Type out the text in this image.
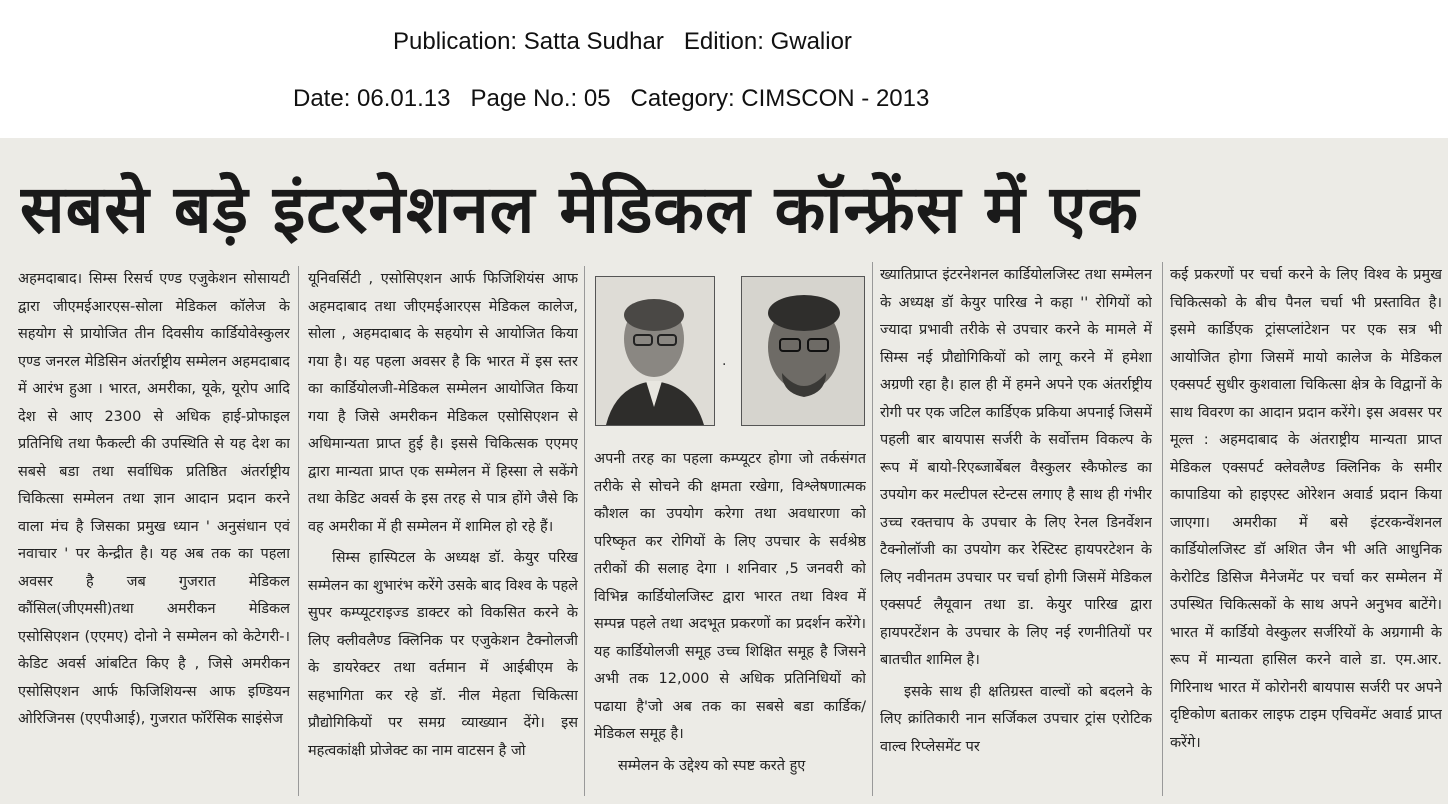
Publication: Satta Sudhar   Edition: Gwalior
Date: 06.01.13   Page No.: 05   Category: CIMSCON - 2013
सबसे बड़े इंटरनेशनल मेडिकल कॉन्फ्रेंस में एक

अहमदाबाद। सिम्स रिसर्च एण्ड एजुकेशन सोसायटी द्वारा जीएमईआरएस-सोला मेडिकल कॉलेज के सहयोग से प्रायोजित तीन दिवसीय कार्डियोवेस्कुलर एण्ड जनरल मेडिसिन अंतर्राष्ट्रीय सम्मेलन अहमदाबाद में आरंभ हुआ । भारत, अमरीका, यूके, यूरोप आदि देश से आए 2300 से अधिक हाई-प्रोफाइल प्रतिनिधि तथा फैकल्टी की उपस्थिति से यह देश का सबसे बडा तथा सर्वाधिक प्रतिष्ठित अंतर्राष्ट्रीय चिकित्सा सम्मेलन तथा ज्ञान आदान प्रदान करने वाला मंच है जिसका प्रमुख ध्यान ' अनुसंधान एवं नवाचार ' पर केन्द्रीत है। यह अब तक का पहला अवसर है जब गुजरात मेडिकल कौंसिल(जीएमसी)तथा अमरीकन मेडिकल एसोसिएशन (एएमए) दोनो ने सम्मेलन को केटेगरी-। केडिट अवर्स आंबटित किए है , जिसे अमरीकन एसोसिएशन आर्फ फिजिशियन्स आफ इण्डियन ओरिजिनस (एएपीआई), गुजरात फॉरेंसिक साइंसेज

यूनिवर्सिटी , एसोसिएशन आर्फ फिजिशियंस आफ अहमदाबाद तथा जीएमईआरएस मेडिकल कालेज, सोला , अहमदाबाद के सहयोग से आयोजित किया गया है। यह पहला अवसर है कि भारत में इस स्तर का कार्डियोलजी-मेडिकल सम्मेलन आयोजित किया गया है जिसे अमरीकन मेडिकल एसोसिएशन से अधिमान्यता प्राप्त हुई है। इससे चिकित्सक एएमए द्वारा मान्यता प्राप्त एक सम्मेलन में हिस्सा ले सकेंगे तथा केडिट अवर्स के इस तरह से पात्र होंगे जैसे कि वह अमरीका में ही सम्मेलन में शामिल हो रहे हैं।

सिम्स हास्पिटल के अध्यक्ष डॉ. केयुर परिख सम्मेलन का शुभारंभ करेंगे उसके बाद विश्व के पहले सुपर कम्प्यूटराइज्ड डाक्टर को विकसित करने के लिए क्लीवलैण्ड क्लिनिक पर एजुकेशन टैक्नोलजी के डायरेक्टर तथा वर्तमान में आईबीएम के सहभागिता कर रहे डॉ. नील मेहता चिकित्सा प्रौद्योगिकियों पर समग्र व्याख्यान देंगे। इस महत्वकांक्षी प्रोजेक्ट का नाम वाटसन है जो

.

अपनी तरह का पहला कम्प्यूटर होगा जो तर्कसंगत तरीके से सोचने की क्षमता रखेगा, विश्लेषणात्मक कौशल का उपयोग करेगा तथा अवधारणा को परिष्कृत कर रोगियों के लिए उपचार के सर्वश्रेष्ठ तरीकों की सलाह देगा । शनिवार ,5 जनवरी को विभिन्न कार्डियोलजिस्ट द्वारा भारत तथा विश्व में सम्पन्न पहले तथा अदभूत प्रकरणों का प्रदर्शन करेंगे। यह कार्डियोलजी समूह उच्च शिक्षित समूह है जिसने अभी तक 12,000 से अधिक प्रतिनिधियों को पढाया है'जो अब तक का सबसे बडा कार्डिक/मेडिकल समूह है।

सम्मेलन के उद्देश्य को स्पष्ट करते हुए

ख्यातिप्राप्त इंटरनेशनल कार्डियोलजिस्ट तथा सम्मेलन के अध्यक्ष डॉ केयुर पारिख ने कहा '' रोगियों को ज्यादा प्रभावी तरीके से उपचार करने के मामले में सिम्स नई प्रौद्योगिकियों को लागू करने में हमेशा अग्रणी रहा है। हाल ही में हमने अपने एक अंतर्राष्ट्रीय रोगी पर एक जटिल कार्डिएक प्रकिया अपनाई जिसमें पहली बार बायपास सर्जरी के सर्वोत्तम विकल्प के रूप में बायो-रिएब्जार्बेबल वैस्कुलर स्कैफोल्ड का उपयोग कर मल्टीपल स्टेन्टस लगाए है साथ ही गंभीर उच्च रक्तचाप के उपचार के लिए रेनल डिनर्वेशन टैक्नोलॉजी का उपयोग कर रेस्टिस्ट हायपरटेशन के लिए नवीनतम उपचार पर चर्चा होगी जिसमें मेडिकल एक्सपर्ट लैयूवान तथा डा. केयुर पारिख द्वारा हायपरटेंशन के उपचार के लिए नई रणनीतियों पर बातचीत शामिल है।

इसके साथ ही क्षतिग्रस्त वाल्वों को बदलने के लिए क्रांतिकारी नान सर्जिकल उपचार ट्रांस एरोटिक वाल्व रिप्लेसमेंट पर

कई प्रकरणों पर चर्चा करने के लिए विश्व के प्रमुख चिकित्सको के बीच पैनल चर्चा भी प्रस्तावित है। इसमे कार्डिएक ट्रांसप्लांटेशन पर एक सत्र भी आयोजित होगा जिसमें मायो कालेज के मेडिकल एक्सपर्ट सुधीर कुशवाला चिकित्सा क्षेत्र के विद्वानों के साथ विवरण का आदान प्रदान करेंगे। इस अवसर पर मूल्त : अहमदाबाद के अंतराष्ट्रीय मान्यता प्राप्त मेडिकल एक्सपर्ट क्लेवलैण्ड क्लिनिक के समीर कापाडिया को हाइएस्ट ओरेशन अवार्ड प्रदान किया जाएगा। अमरीका में बसे इंटरकन्वेंशनल कार्डियोलजिस्ट डॉ अशित जैन भी अति आधुनिक केरोटिड डिसिज मैनेजमेंट पर चर्चा कर सम्मेलन में उपस्थित चिकित्सकों के साथ अपने अनुभव बाटेंगे। भारत में कार्डियो वेस्कुलर सर्जरियों के अग्रगामी के रूप में मान्यता हासिल करने वाले डा. एम.आर. गिरिनाथ भारत में कोरोनरी बायपास सर्जरी पर अपने दृष्टिकोण बताकर लाइफ टाइम एचिवमेंट अवार्ड प्राप्त करेंगे।
